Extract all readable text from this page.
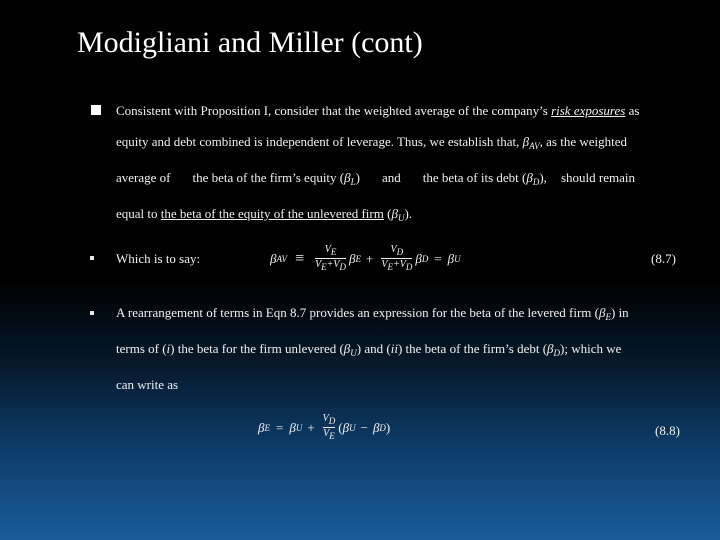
Modigliani and Miller (cont)
Consistent with Proposition I, consider that the weighted average of the company’s risk exposures as
equity and debt combined is independent of leverage. Thus, we establish that, $\beta_{AV}$, as the weighted
average of the beta of the firm’s equity $(\beta_L)$ and the beta of its debt $(\beta_D)$, should remain
equal to the beta of the equity of the unlevered firm $(\beta_U)$.
Which is to say:	β AV ≡ $\frac{VE}{VE+VD}$ β $E + \frac{VD}{VE+VD}$ β D = β U	(8.7)
A rearrangement of terms in Eqn 8.7 provides an expression for the beta of the levered firm $(\beta_E)$ in
terms of (i) the beta for the firm unlevered $(\beta_U)$ and (ii) the beta of the firm’s debt $(\beta_D)$; which we
can write as
β E = β $U + \frac{VD}{VE}$ ( β U − β D )	(8.8)
